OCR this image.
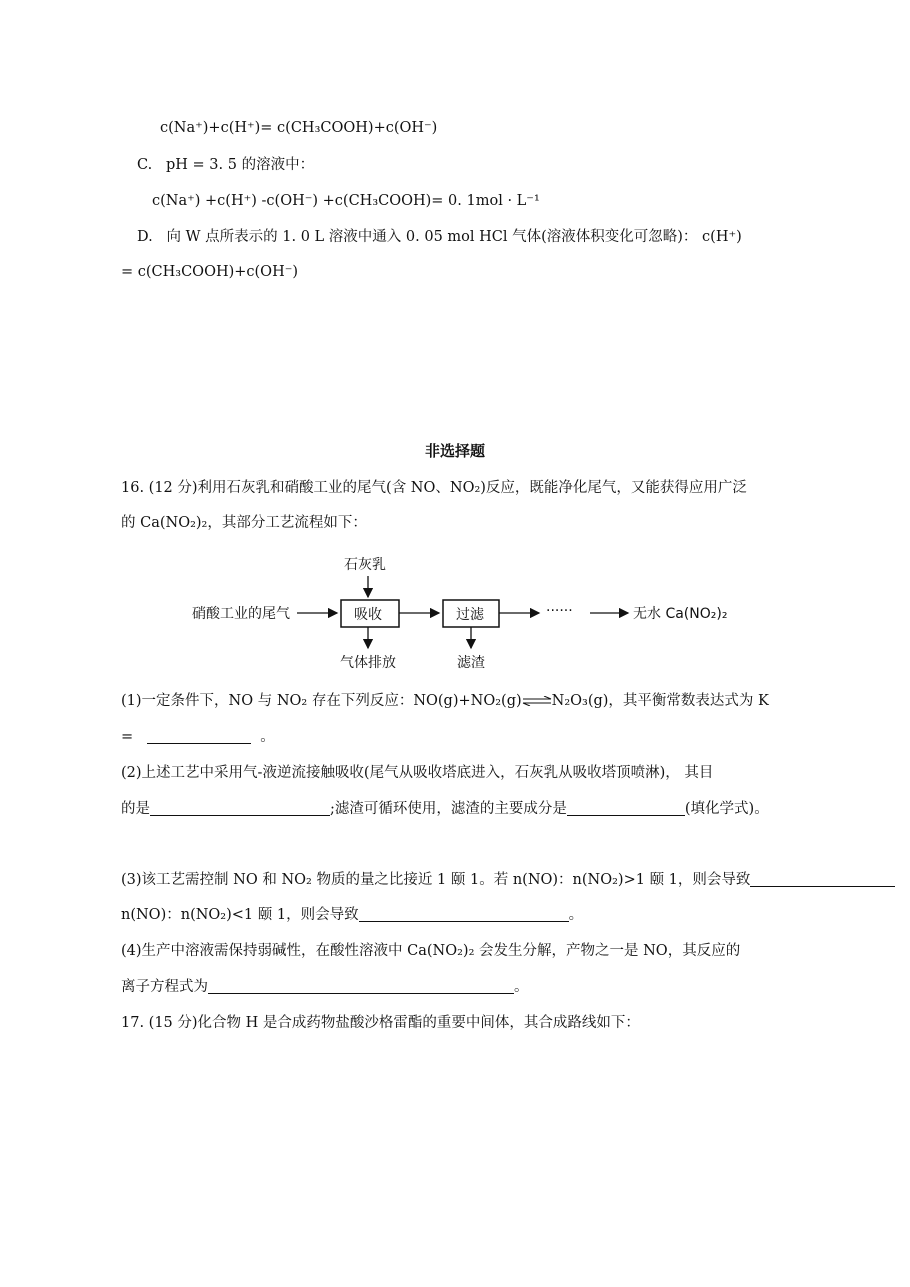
c(Na⁺)+c(H⁺)= c(CH₃COOH)+c(OH⁻)
C. pH = 3. 5 的溶液中：
c(Na⁺) +c(H⁺) -c(OH⁻) +c(CH₃COOH)= 0. 1mol · L⁻¹
D. 向 W 点所表示的 1. 0 L 溶液中通入 0. 05 mol HCl 气体(溶液体积变化可忽略)： c(H⁺)
= c(CH₃COOH)+c(OH⁻)
非选择题
16. (12 分)利用石灰乳和硝酸工业的尾气(含 NO、NO₂)反应，既能净化尾气，又能获得应用广泛
的 Ca(NO₂)₂，其部分工艺流程如下：
石灰乳
硝酸工业的尾气	吸收	过滤	······	无水 Ca(NO₂)₂
气体排放	滤渣
(1)一定条件下，NO 与 NO₂ 存在下列反应：NO(g)+NO₂(g)⇌N₂O₃(g)，其平衡常数表达式为 K
=	。
(2)上述工艺中采用气-液逆流接触吸收(尾气从吸收塔底进入，石灰乳从吸收塔顶喷淋)， 其目
的是	;滤渣可循环使用，滤渣的主要成分是	(填化学式)。
(3)该工艺需控制 NO 和 NO₂ 物质的量之比接近 1 颐 1。若 n(NO)：n(NO₂)>1 颐 1，则会导致
n(NO)：n(NO₂)<1 颐 1，则会导致	。
(4)生产中溶液需保持弱碱性，在酸性溶液中 Ca(NO₂)₂ 会发生分解，产物之一是 NO，其反应的
离子方程式为	。
17. (15 分)化合物 H 是合成药物盐酸沙格雷酯的重要中间体，其合成路线如下：
